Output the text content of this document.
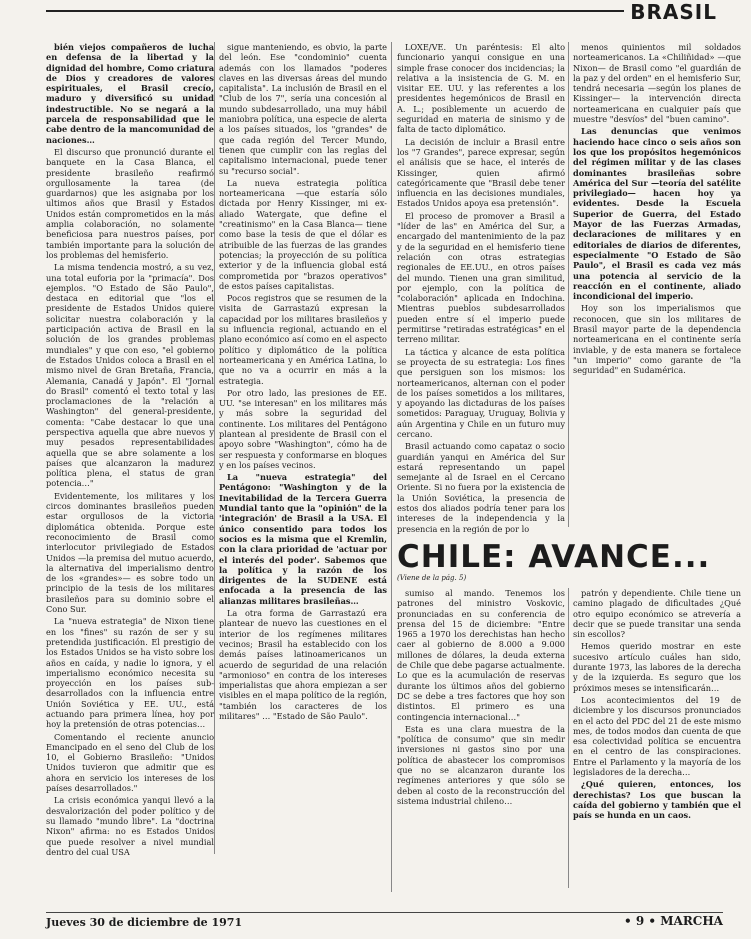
BRASIL

bién viejos compañeros de lucha en defensa de la libertad y la dignidad del hombre, Como criatura de Dios y creadores de valores espirituales, el Brasil crecío, maduro y diversificó su unidad indestructible. No se negará a la parcela de responsabilidad que le cabe dentro de la mancomunidad de naciones…

El discurso que pronunció durante el banquete en la Casa Blanca, el presidente brasileño reafirmó orgullosamente la tarea (de guardarnos) que les asignaba por los ultimos años que Brasil y Estados Unidos están comprometidos en la más amplia colaboración, no solamente beneficiosa para nuestros países, por también importante para la solución de los problemas del hemisferio.

La misma tendencia mostró, a su vez, una total euforia por la "primacía". Dos ejemplos. "O Estado de São Paulo", destaca en editorial que "los el presidente de Estados Unidos quiere solicitar nuestra colaboración y la participación activa de Brasil en la solución de los grandes problemas mundiales" y que con eso, "el gobierno de Estados Unidos coloca a Brasil en el mismo nivel de Gran Bretaña, Francia, Alemania, Canadá y Japón". El "Jornal do Brasil" comentó el texto total y las proclamaciones de la "relación a Washington" del general-presidente, comenta: "Cabe destacar lo que una perspectiva aquella que abre nuevos y muy pesados representabilidades aquella que se abre solamente a los países que alcanzaron la madurez política plena, el status de gran potencia…"

Evidentemente, los militares y los circos dominantes brasileños pueden estar orgullosos de la victoria diplomática obtenida. Porque este reconocimiento de Brasil como interlocutor privilegiado de Estados Unidos —la premisa del mutuo acuerdo, la alternativa del imperialismo dentro de los «grandes»— es sobre todo un principio de la tesis de los militares brasileños para su dominio sobre el Cono Sur.

La "nueva estrategia" de Nixon tiene en los "fines" su razón de ser y su pretendida justificación. El prestigio de los Estados Unidos se ha visto sobre los años en caída, y nadie lo ignora, y el imperialismo económico necesita su proyección en los países sub-desarrollados con la influencia entre Unión Soviética y EE. UU., está actuando para primera línea, hoy por hoy la pretensión de otras potencias…

Comentando el reciente anuncio Emancipado en el seno del Club de los 10, el Gobierno Brasileño: "Unidos Unidos tuvieron que admitir que es ahora en servicio los intereses de los países desarrollados."

La crisis económica yanqui llevó a la desvalorización del poder político y de su llamado "mundo libre". La "doctrina Nixon" afirma: no es Estados Unidos que puede resolver a nivel mundial dentro del cual USA

sigue manteniendo, es obvio, la parte del león. Ese "condominio" cuenta además con los llamados "poderes claves en las diversas áreas del mundo capitalista". La inclusión de Brasil en el "Club de los 7", sería una concesión al mundo subdesarrollado, una muy hábil maniobra política, una especie de alerta a los países situados, los "grandes" de que cada región del Tercer Mundo, tienen que cumplir con las reglas del capitalismo internacional, puede tener su "recurso social".

La nueva estrategia política norteamericana —que estaría sólo dictada por Henry Kissinger, mi ex-aliado Watergate, que define el "creatinismo" en la Casa Blanca— tiene como base la tesis de que el dólar es atribuible de las fuerzas de las grandes potencias; la proyección de su política exterior y de la influencia global está comprometida por "brazos operativos" de estos países capitalistas.

Pocos registros que se resumen de la visita de Garrastazú expresan la capacidad por los militares brasileños y su influencia regional, actuando en el plano económico así como en el aspecto político y diplomático de la política norteamericana y en América Latina, lo que no va a ocurrir en más a la estrategia.

Por otro lado, las presiones de EE. UU. "se interesan" en los militares más y más sobre la seguridad del continente. Los militares del Pentágono plantean al presidente de Brasil con el apoyo sobre "Washington", cómo ha de ser respuesta y conformarse en bloques y en los países vecinos.

La "nueva estrategia" del Pentágono: "Washington y de la Inevitabilidad de la Tercera Guerra Mundial tanto que la "opinión" de la 'integración' de Brasil a la USA. El único consentido para todos los socios es la misma que el Kremlin, con la clara prioridad de 'actuar por el interés del poder'. Sabemos que la política y la razón de los dirigentes de la SUDENE está enfocada a la presencia de las alianzas militares brasileñas…

La otra forma de Garrastazú era plantear de nuevo las cuestiones en el interior de los regímenes militares vecinos; Brasil ha establecido con los demás países latinoamericanos un acuerdo de seguridad de una relación "armonioso" en contra de los intereses imperialistas que ahora empiezan a ser visibles en el mapa político de la región, "también los caracteres de los militares" … "Estado de São Paulo".

LOXE/VE. Un paréntesis: El alto funcionario yanqui consigue en una simple frase conocer dos incidencias; la relativa a la insistencia de G. M. en visitar EE. UU. y las referentes a los presidentes hegemónicos de Brasil en A. L.; posiblemente un acuerdo de seguridad en materia de sinismo y de falta de tacto diplomático.

La decisión de incluir a Brasil entre los "7 Grandes", parece expresar, según el análisis que se hace, el interés de Kissinger, quien afirmó categóricamente que "Brasil debe tener influencia en las decisiones mundiales, Estados Unidos apoya esa pretensión".

El proceso de promover a Brasil a "líder de las" en América del Sur, a encargado del mantenimiento de la paz y de la seguridad en el hemisferio tiene relación con otras estrategias regionales de EE.UU., en otros países del mundo. Tienen una gran similitud, por ejemplo, con la política de "colaboración" aplicada en Indochina. Mientras pueblos subdesarrollados pueden entre sí el imperio puede permitirse "retiradas estratégicas" en el terreno militar.

La táctica y alcance de esta política se proyecta de su estrategia: Los fines que persiguen son los mismos: los norteamericanos, alternan con el poder de los países sometidos a los militares, y apoyando las dictaduras de los países sometidos: Paraguay, Uruguay, Bolivia y aún Argentina y Chile en un futuro muy cercano.

Brasil actuando como capataz o socio guardián yanqui en América del Sur estará representando un papel semejante al de Israel en el Cercano Oriente. Si no fuera por la existencia de la Unión Soviética, la presencia de estos dos aliados podría tener para los intereses de la independencia y la presencia en la región de por lo

menos quinientos mil soldados norteamericanos. La «Chiliñidad» —que Nixon— de Brasil como "el guardián de la paz y del orden" en el hemisferio Sur, tendrá necesaria —según los planes de Kissinger— la intervención directa norteamericana en cualquier país que muestre "desvíos" del "buen camino".

Las denuncias que venimos haciendo hace cinco o seis años son los que los propósitos hegemónicos del régimen militar y de las clases dominantes brasileñas sobre América del Sur —teoría del satélite privilegiado— hacen hoy ya evidentes. Desde la Escuela Superior de Guerra, del Estado Mayor de las Fuerzas Armadas, declaraciones de militares y en editoriales de diarios de diferentes, especialmente "O Estado de São Paulo", el Brasil es cada vez más una potencia al servicio de la reacción en el continente, aliado incondicional del imperio.

Hoy son los imperialismos que reconocen, que sin los militares de Brasil mayor parte de la dependencia norteamericana en el continente sería inviable, y de esta manera se fortalece "un imperio" como garante de "la seguridad" en Sudamérica.

CHILE: AVANCE...
(Viene de la pág. 5)

sumiso al mando. Tenemos los patrones del ministro Voskovic, pronunciadas en su conferencia de prensa del 15 de diciembre: "Entre 1965 a 1970 los derechistas han hecho caer al gobierno de 8.000 a 9.000 millones de dólares, la deuda externa de Chile que debe pagarse actualmente. Lo que es la acumulación de reservas durante los últimos años del gobierno DC se debe a tres factores que hoy son distintos. El primero es una contingencia internacional…"

Esta es una clara muestra de la "política de consumo" que sin medir inversiones ni gastos sino por una política de abastecer los compromisos que no se alcanzaron durante los regímenes anteriores y que sólo se deben al costo de la reconstrucción del sistema industrial chileno…

patrón y dependiente. Chile tiene un camino plagado de dificultades ¿Qué otro equipo económico se atrevería a decir que se puede transitar una senda sin escollos?

Hemos querido mostrar en este sucesivo artículo cuáles han sido, durante 1973, las labores de la derecha y de la izquierda. Es seguro que los próximos meses se intensificarán…

Los acontecimientos del 19 de diciembre y los discursos pronunciados en el acto del PDC del 21 de este mismo mes, de todos modos dan cuenta de que esa colectividad política se encuentra en el centro de las conspiraciones. Entre el Parlamento y la mayoría de los legisladores de la derecha…

¿Qué quieren, entonces, los derechistas? Los que buscan la caída del gobierno y también que el país se hunda en un caos.

Jueves 30 de diciembre de 1971	• 9 • MARCHA
